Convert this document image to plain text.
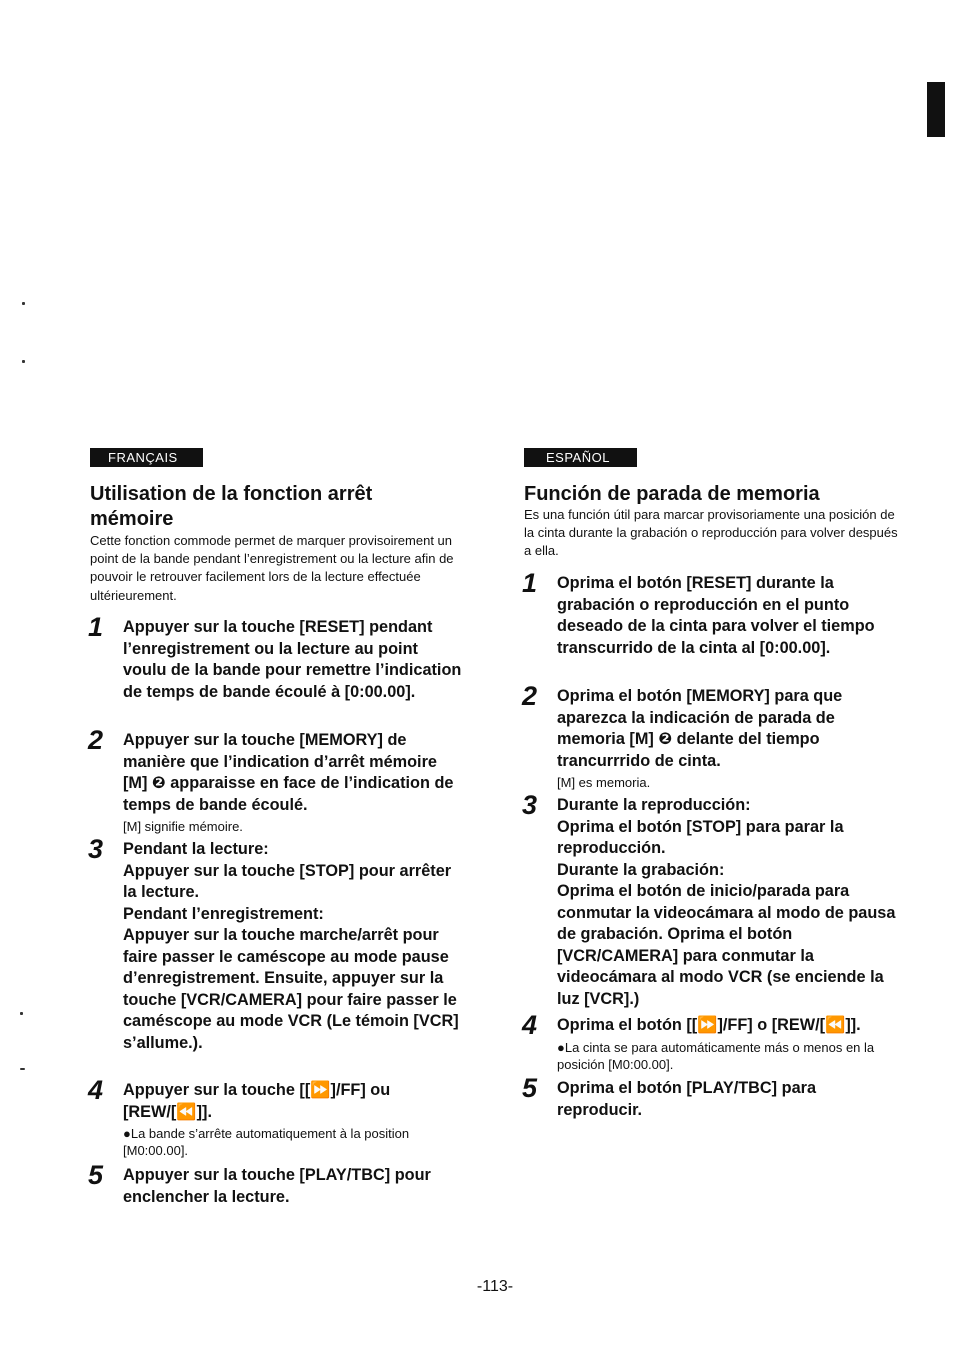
FRANÇAIS
Utilisation de la fonction arrêt
mémoire

Cette fonction commode permet de marquer provisoirement un point de la bande pendant l’enregistrement ou la lecture afin de pouvoir le retrouver facilement lors de la lecture effectuée ultérieurement.

1 Appuyer sur la touche [RESET] pendant l’enregistrement ou la lecture au point voulu de la bande pour remettre l’indication de temps de bande écoulé à [0:00.00].

2 Appuyer sur la touche [MEMORY] de manière que l’indication d’arrêt mémoire [M] ❷ apparaisse en face de l’indication de temps de bande écoulé.

[M] signifie mémoire.

3 Pendant la lecture:

Appuyer sur la touche [STOP] pour arrêter la lecture.

Pendant l’enregistrement:

Appuyer sur la touche marche/arrêt pour faire passer le caméscope au mode pause d’enregistrement. Ensuite, appuyer sur la touche [VCR/CAMERA] pour faire passer le caméscope au mode VCR (Le témoin [VCR] s’allume.).

4 Appuyer sur la touche [[⏩]/FF] ou [REW/[⏪]].

●La bande s’arrête automatiquement à la position [M0:00.00].

5 Appuyer sur la touche [PLAY/TBC] pour enclencher la lecture.

ESPAÑOL
Función de parada de memoria

Es una función útil para marcar provisoriamente una posición de la cinta durante la grabación o reproducción para volver después a ella.

1 Oprima el botón [RESET] durante la grabación o reproducción en el punto deseado de la cinta para volver el tiempo transcurrido de la cinta al [0:00.00].

2 Oprima el botón [MEMORY] para que aparezca la indicación de parada de memoria [M] ❷ delante del tiempo trancurrrido de cinta.

[M] es memoria.

3 Durante la reproducción:

Oprima el botón [STOP] para parar la reproducción.

Durante la grabación:

Oprima el botón de inicio/parada para conmutar la videocámara al modo de pausa de grabación. Oprima el botón [VCR/CAMERA] para conmutar la videocámara al modo VCR (se enciende la luz [VCR].)

4 Oprima el botón [[⏩]/FF] o [REW/[⏪]].

●La cinta se para automáticamente más o menos en la posición [M0:00.00].

5 Oprima el botón [PLAY/TBC] para reproducir.

-113-
